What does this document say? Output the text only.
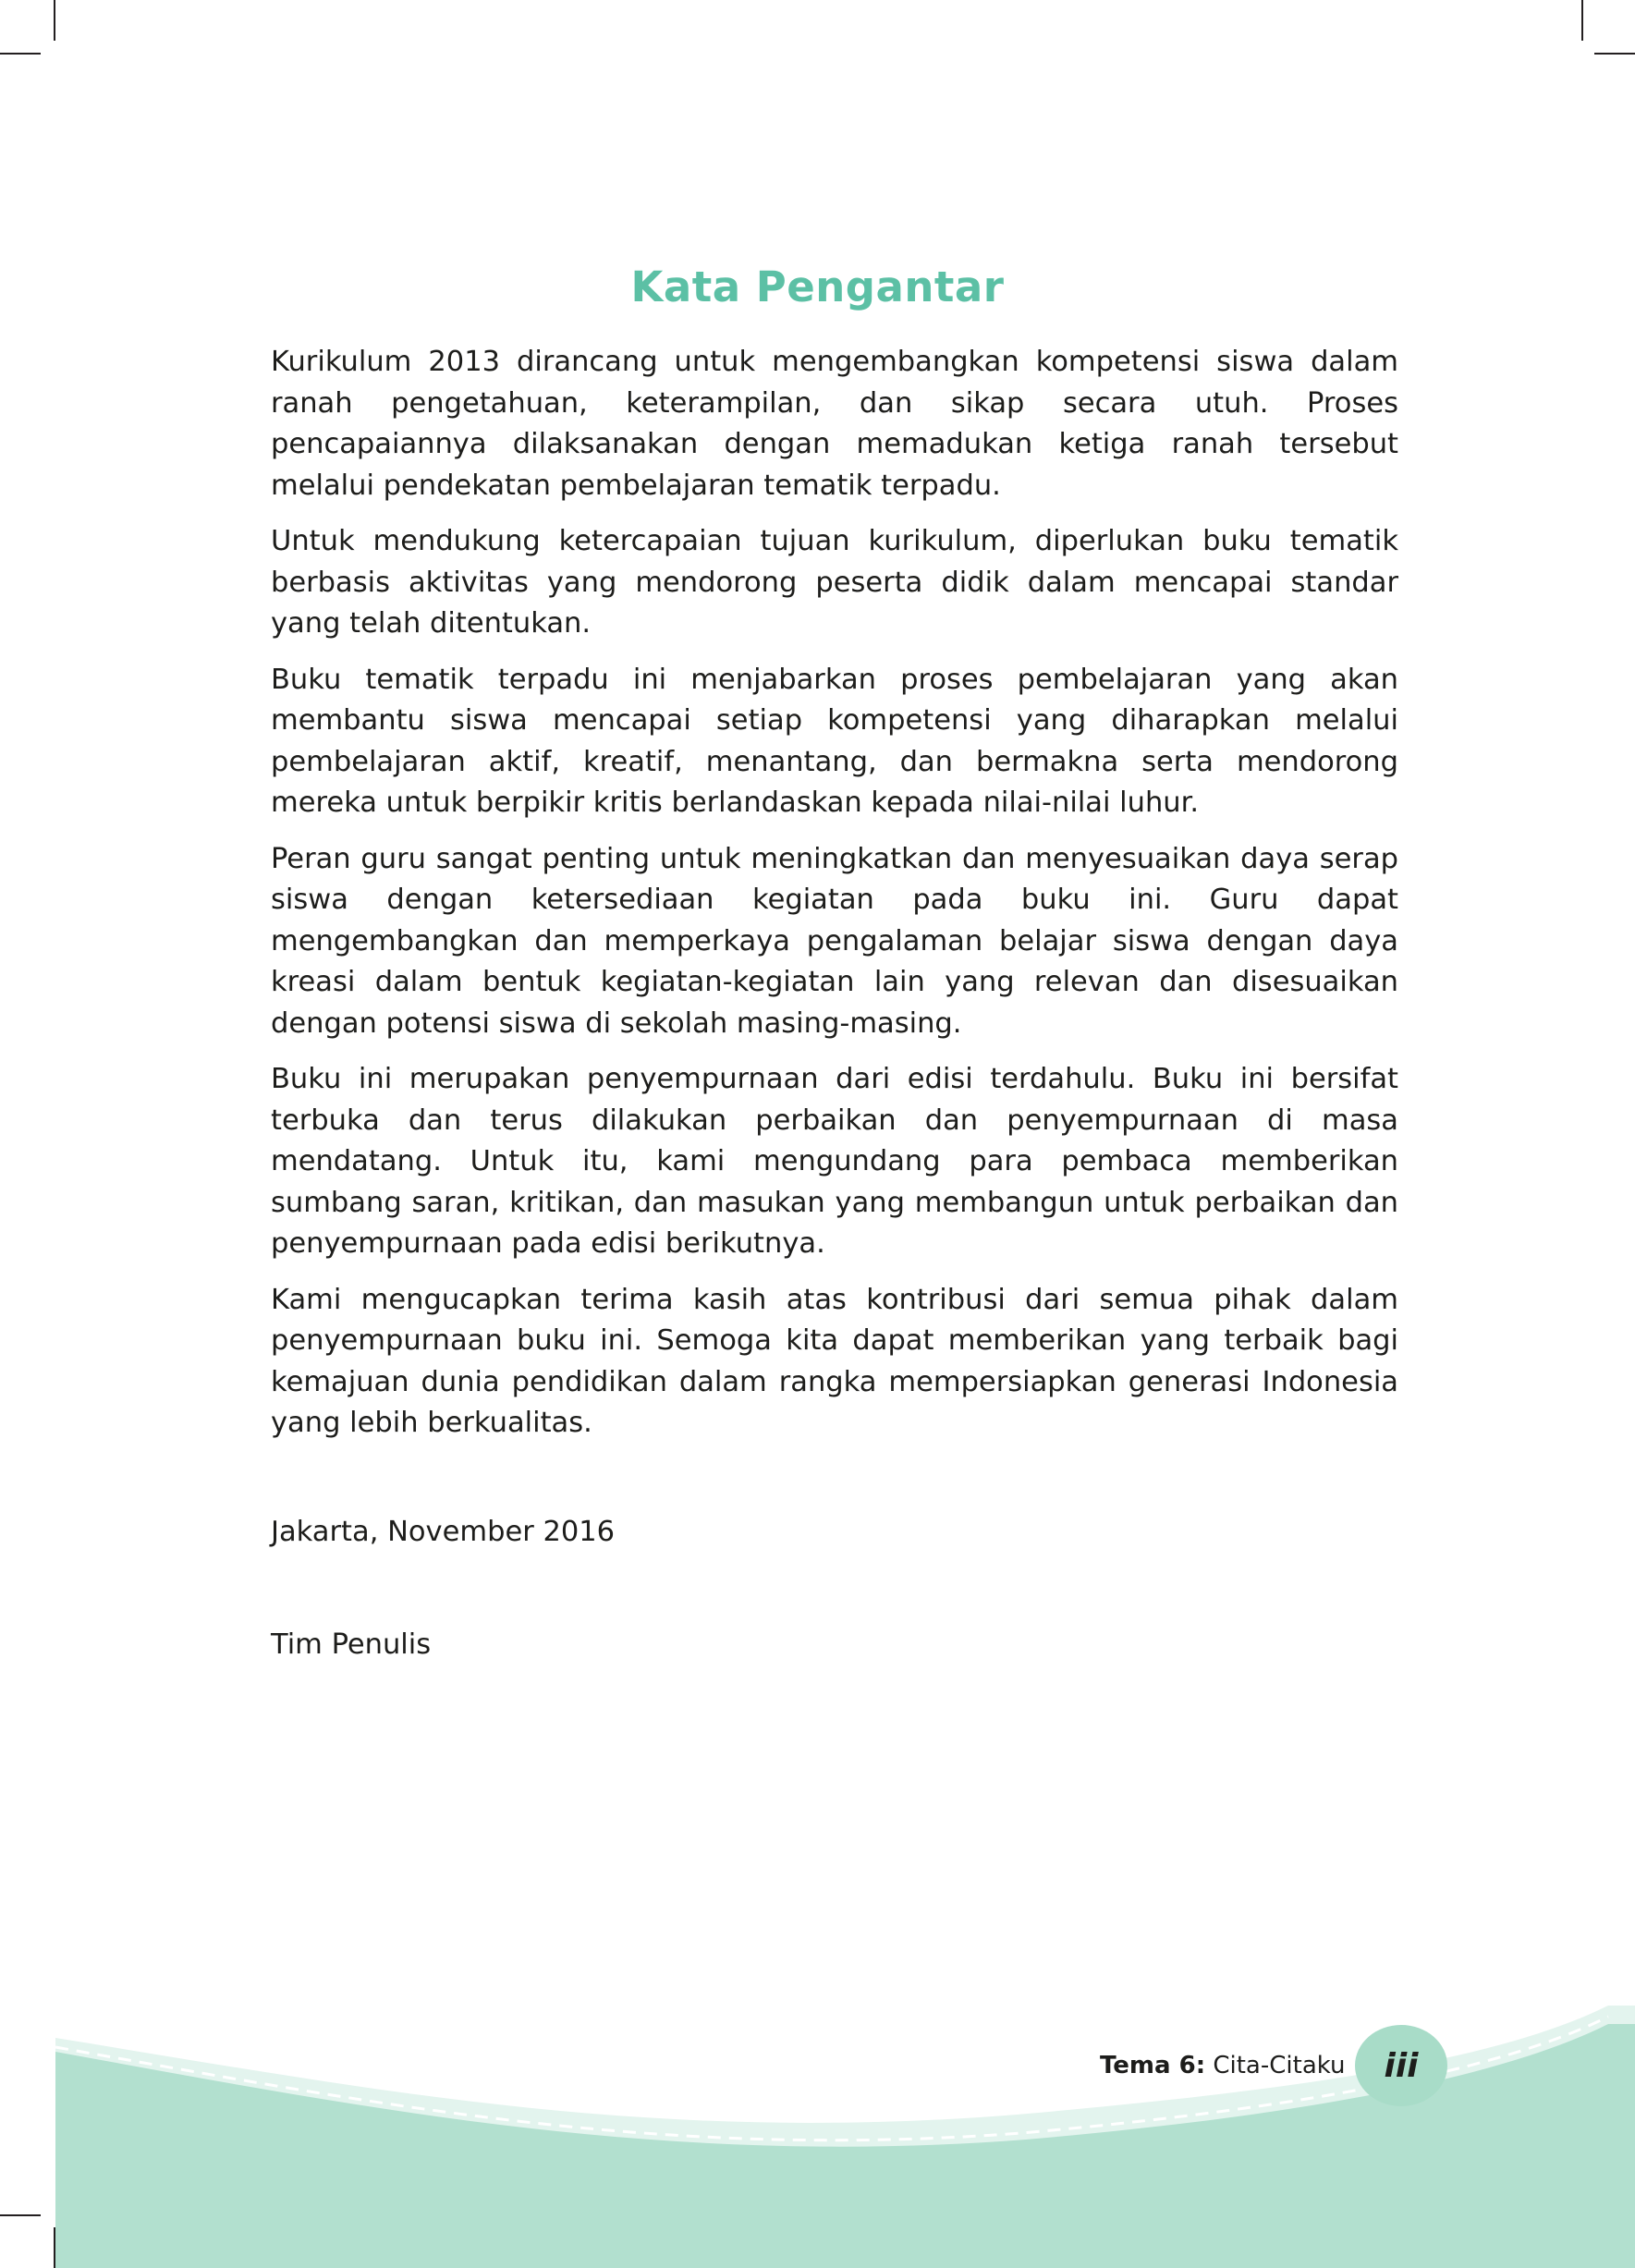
Kata Pengantar

Kurikulum 2013 dirancang untuk mengembangkan kompetensi siswa dalam ranah pengetahuan, keterampilan, dan sikap secara utuh. Proses pencapaiannya dilaksanakan dengan memadukan ketiga ranah tersebut melalui pendekatan pembelajaran tematik terpadu.

Untuk mendukung ketercapaian tujuan kurikulum, diperlukan buku tematik berbasis aktivitas yang mendorong peserta didik dalam mencapai standar yang telah ditentukan.

Buku tematik terpadu ini menjabarkan proses pembelajaran yang akan membantu siswa mencapai setiap kompetensi yang diharapkan melalui pembelajaran aktif, kreatif, menantang, dan bermakna serta mendorong mereka untuk berpikir kritis berlandaskan kepada nilai-nilai luhur.

Peran guru sangat penting untuk meningkatkan dan menyesuaikan daya serap siswa dengan ketersediaan kegiatan pada buku ini. Guru dapat mengembangkan dan memperkaya pengalaman belajar siswa dengan daya kreasi dalam bentuk kegiatan-kegiatan lain yang relevan dan disesuaikan dengan potensi siswa di sekolah masing-masing.

Buku ini merupakan penyempurnaan dari edisi terdahulu. Buku ini bersifat terbuka dan terus dilakukan perbaikan dan penyempurnaan di masa mendatang. Untuk itu, kami mengundang para pembaca memberikan sumbang saran, kritikan, dan masukan yang membangun untuk perbaikan dan penyempurnaan pada edisi berikutnya.

Kami mengucapkan terima kasih atas kontribusi dari semua pihak dalam penyempurnaan buku ini. Semoga kita dapat memberikan yang terbaik bagi kemajuan dunia pendidikan dalam rangka mempersiapkan generasi Indonesia yang lebih berkualitas.

Jakarta, November 2016
Tim Penulis
Tema 6: Cita-Citaku iii
